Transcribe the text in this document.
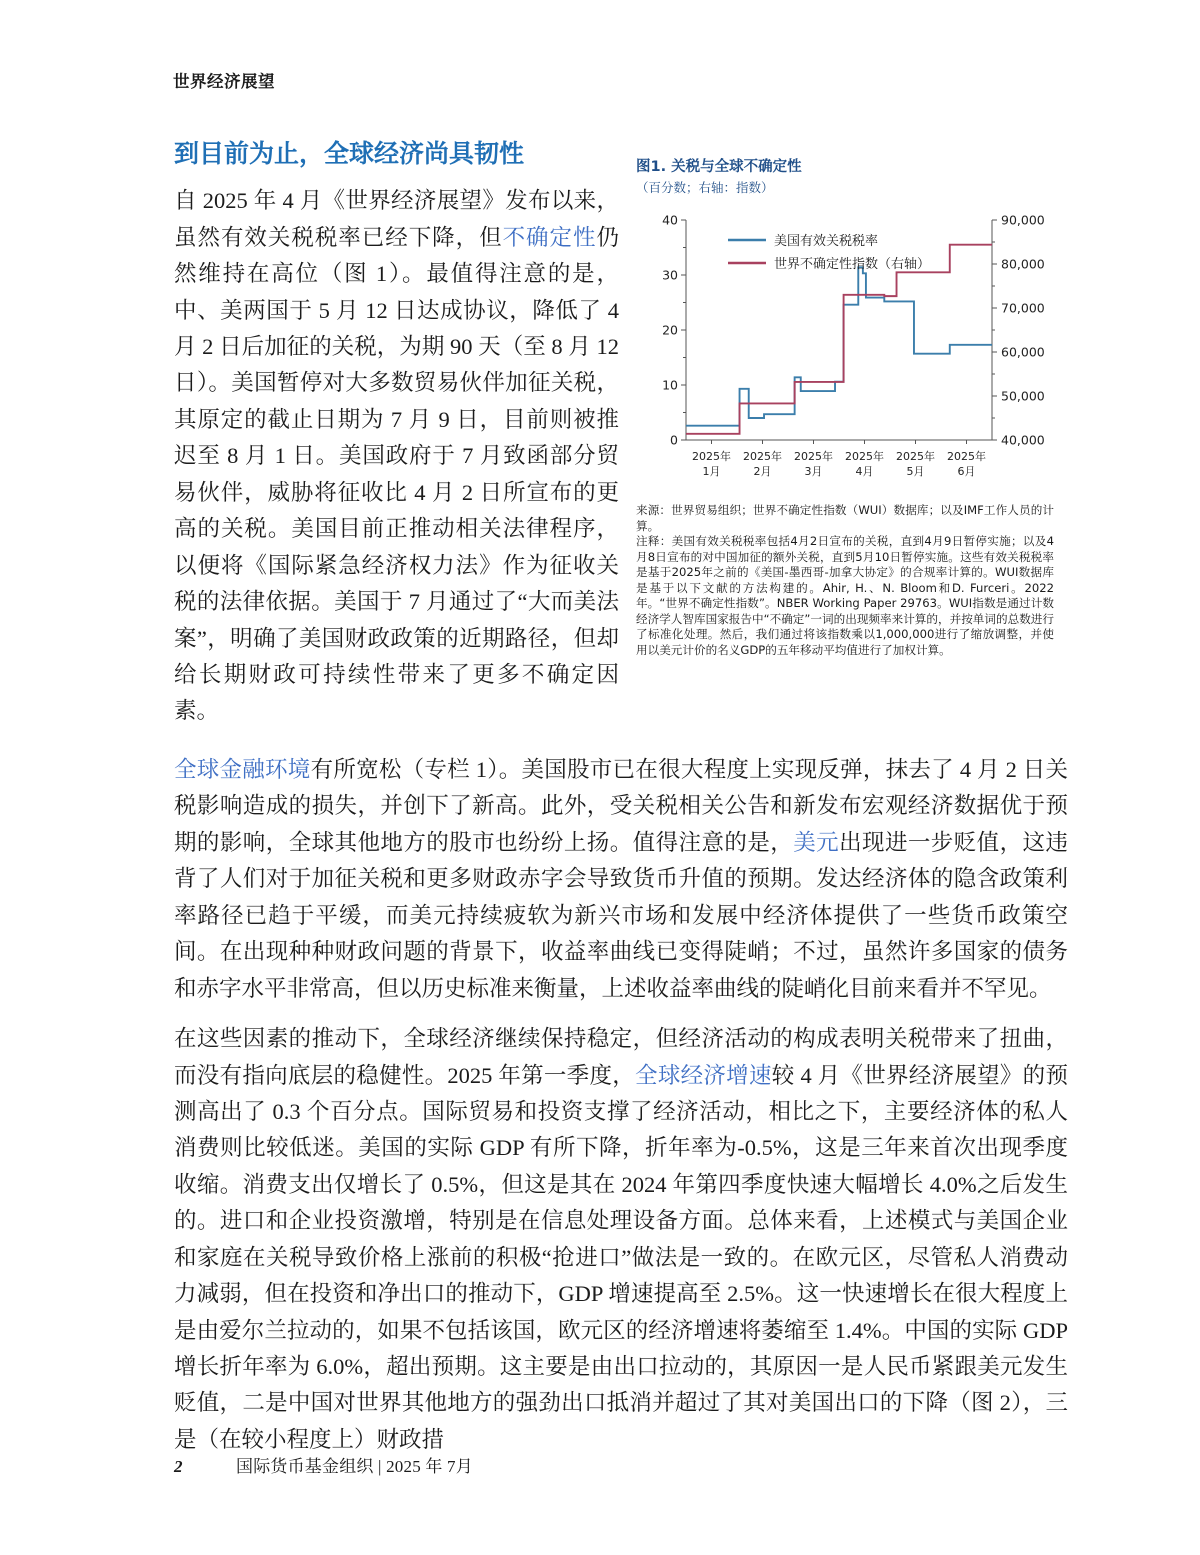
世界经济展望
到目前为止，全球经济尚具韧性

自 2025 年 4 月《世界经济展望》发布以来，虽然有效关税税率已经下降，但不确定性仍然维持在高位（图 1）。最值得注意的是，中、美两国于 5 月 12 日达成协议，降低了 4 月 2 日后加征的关税，为期 90 天（至 8 月 12 日）。美国暂停对大多数贸易伙伴加征关税，其原定的截止日期为 7 月 9 日，目前则被推迟至 8 月 1 日。美国政府于 7 月致函部分贸易伙伴，威胁将征收比 4 月 2 日所宣布的更高的关税。美国目前正推动相关法律程序，以便将《国际紧急经济权力法》作为征收关税的法律依据。美国于 7 月通过了“大而美法案”，明确了美国财政政策的近期路径，但却给长期财政可持续性带来了更多不确定因素。

图1. 关税与全球不确定性
（百分数；右轴：指数）
0
10
20
30
40
40,000
50,000
60,000
70,000
80,000
90,000
2025年
1月
2025年
2月
2025年
3月
2025年
4月
2025年
5月
2025年
6月
美国有效关税税率
世界不确定性指数（右轴）

来源：世界贸易组织；世界不确定性指数（WUI）数据库；以及IMF工作人员的计算。

注释：美国有效关税税率包括4月2日宣布的关税，直到4月9日暂停实施；以及4月8日宣布的对中国加征的额外关税，直到5月10日暂停实施。这些有效关税税率是基于2025年之前的《美国-墨西哥-加拿大协定》的合规率计算的。WUI数据库是基于以下文献的方法构建的。Ahir, H.、N. Bloom和D. Furceri。2022年。“世界不确定性指数”。NBER Working Paper 29763。WUI指数是通过计数经济学人智库国家报告中“不确定”一词的出现频率来计算的，并按单词的总数进行了标准化处理。然后，我们通过将该指数乘以1,000,000进行了缩放调整，并使用以美元计价的名义GDP的五年移动平均值进行了加权计算。

全球金融环境有所宽松（专栏 1）。美国股市已在很大程度上实现反弹，抹去了 4 月 2 日关税影响造成的损失，并创下了新高。此外，受关税相关公告和新发布宏观经济数据优于预期的影响，全球其他地方的股市也纷纷上扬。值得注意的是，美元出现进一步贬值，这违背了人们对于加征关税和更多财政赤字会导致货币升值的预期。发达经济体的隐含政策利率路径已趋于平缓，而美元持续疲软为新兴市场和发展中经济体提供了一些货币政策空间。在出现种种财政问题的背景下，收益率曲线已变得陡峭；不过，虽然许多国家的债务和赤字水平非常高，但以历史标准来衡量，上述收益率曲线的陡峭化目前来看并不罕见。

在这些因素的推动下，全球经济继续保持稳定，但经济活动的构成表明关税带来了扭曲，而没有指向底层的稳健性。2025 年第一季度，全球经济增速较 4 月《世界经济展望》的预测高出了 0.3 个百分点。国际贸易和投资支撑了经济活动，相比之下，主要经济体的私人消费则比较低迷。美国的实际 GDP 有所下降，折年率为-0.5%，这是三年来首次出现季度收缩。消费支出仅增长了 0.5%，但这是其在 2024 年第四季度快速大幅增长 4.0%之后发生的。进口和企业投资激增，特别是在信息处理设备方面。总体来看，上述模式与美国企业和家庭在关税导致价格上涨前的积极“抢进口”做法是一致的。在欧元区，尽管私人消费动力减弱，但在投资和净出口的推动下，GDP 增速提高至 2.5%。这一快速增长在很大程度上是由爱尔兰拉动的，如果不包括该国，欧元区的经济增速将萎缩至 1.4%。中国的实际 GDP 增长折年率为 6.0%，超出预期。这主要是由出口拉动的，其原因一是人民币紧跟美元发生贬值，二是中国对世界其他地方的强劲出口抵消并超过了其对美国出口的下降（图 2），三是（在较小程度上）财政措

2	国际货币基金组织 | 2025 年 7月
